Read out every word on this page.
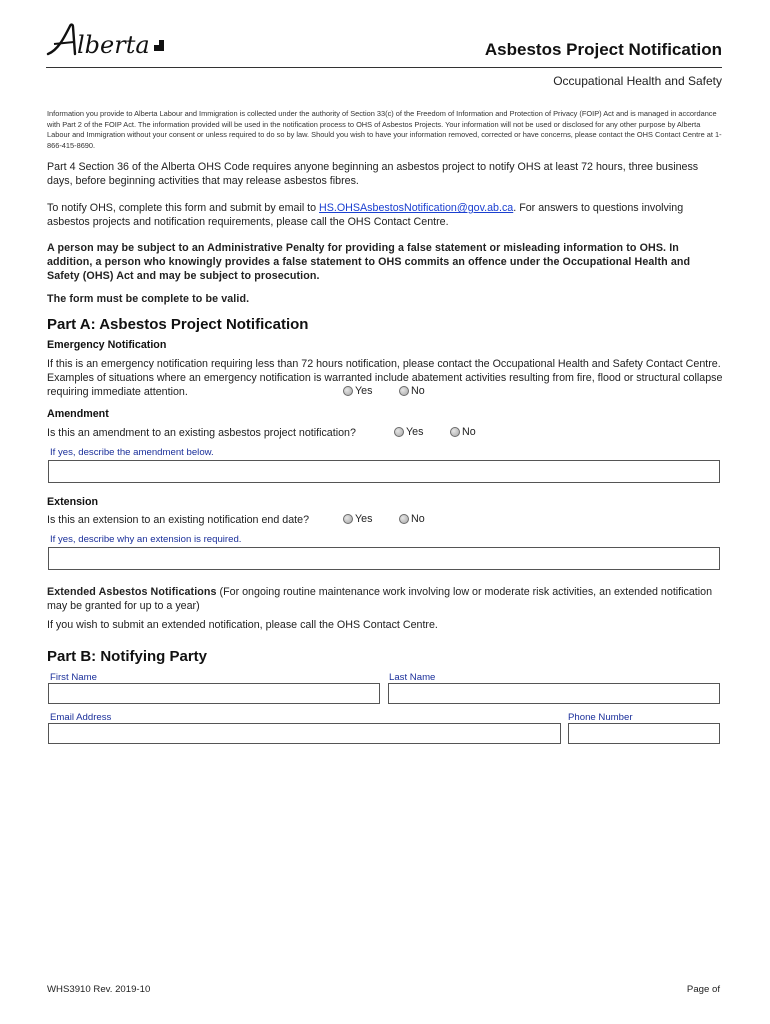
lberta	Asbestos Project Notification
Occupational Health and Safety
Information you provide to Alberta Labour and Immigration is collected under the authority of Section 33(c) of the Freedom of Information and Protection of Privacy (FOIP) Act and is managed in accordance with Part 2 of the FOIP Act. The information provided will be used in the notification process to OHS of Asbestos Projects. Your information will not be used or disclosed for any other purpose by Alberta Labour and Immigration without your consent or unless required to do so by law. Should you wish to have your information removed, corrected or have concerns, please contact the OHS Contact Centre at 1-866-415-8690.
Part 4 Section 36 of the Alberta OHS Code requires anyone beginning an asbestos project to notify OHS at least 72 hours, three business days, before beginning activities that may release asbestos fibres.
To notify OHS, complete this form and submit by email to HS.OHSAsbestosNotification@gov.ab.ca. For answers to questions involving asbestos projects and notification requirements, please call the OHS Contact Centre.
A person may be subject to an Administrative Penalty for providing a false statement or misleading information to OHS. In addition, a person who knowingly provides a false statement to OHS commits an offence under the Occupational Health and Safety (OHS) Act and may be subject to prosecution.
The form must be complete to be valid.
Part A: Asbestos Project Notification
Emergency Notification
If this is an emergency notification requiring less than 72 hours notification, please contact the Occupational Health and Safety Contact Centre. Examples of situations where an emergency notification is warranted include abatement activities resulting from fire, flood or structural collapse requiring immediate attention.	Yes	No
Amendment
Is this an amendment to an existing asbestos project notification?	Yes	No
If yes, describe the amendment below.
Extension
Is this an extension to an existing notification end date?	Yes	No
If yes, describe why an extension is required.
Extended Asbestos Notifications (For ongoing routine maintenance work involving low or moderate risk activities, an extended notification may be granted for up to a year)
If you wish to submit an extended notification, please call the OHS Contact Centre.
Part B: Notifying Party
First Name	Last Name
Email Address	Phone Number
WHS3910 Rev. 2019-10	Page of
